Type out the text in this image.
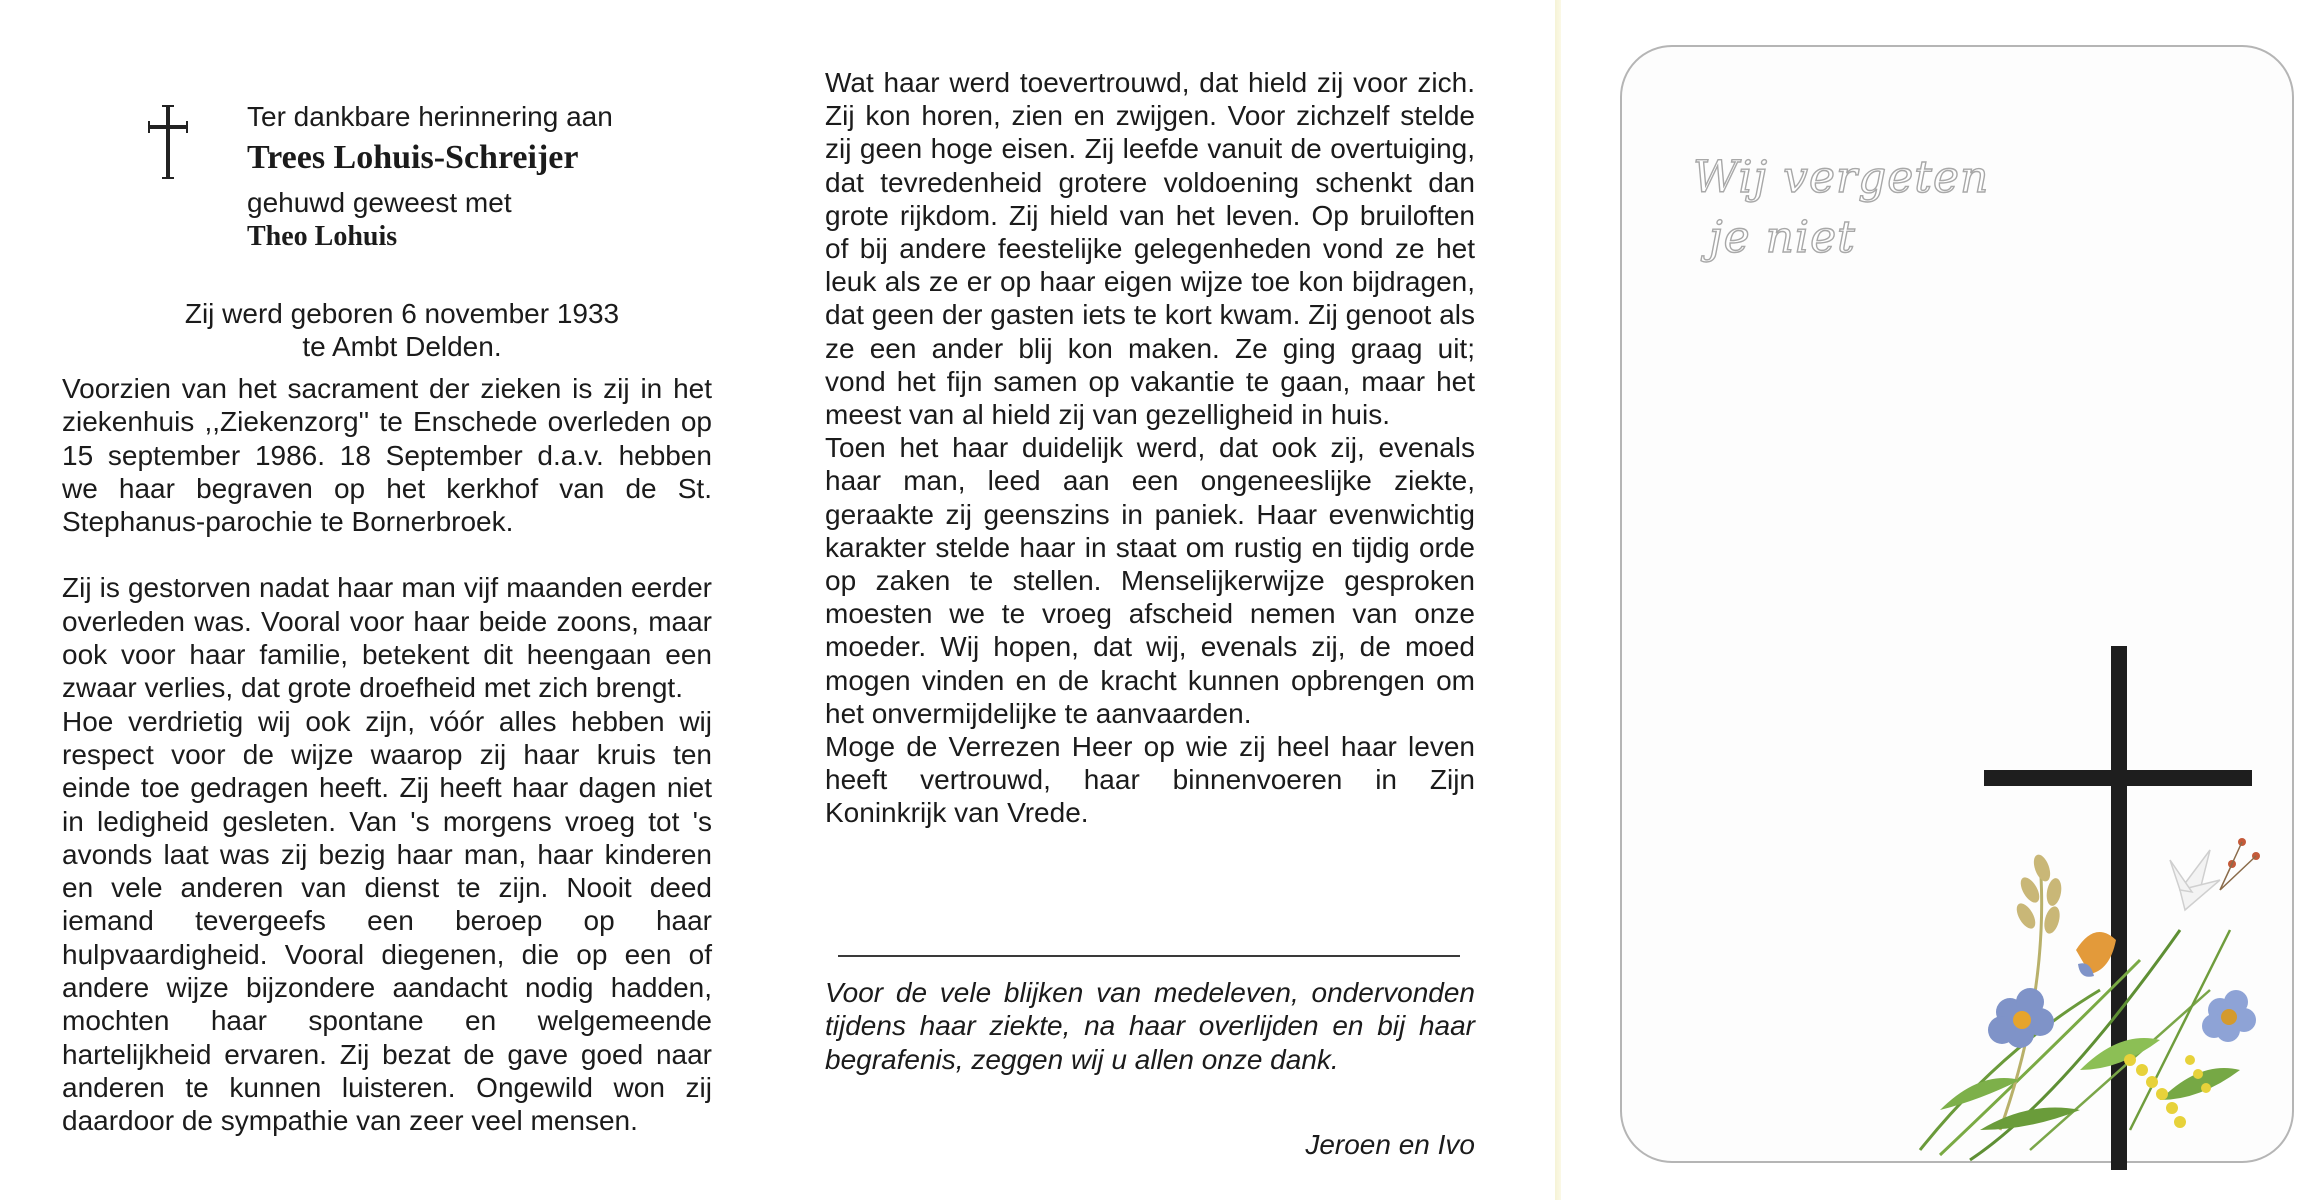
Ter dankbare herinnering aan
Trees Lohuis-Schreijer
gehuwd geweest met
Theo Lohuis
Zij werd geboren 6 november 1933
te Ambt Delden.

Voorzien van het sacrament der zieken is zij in het ziekenhuis ,,Ziekenzorg'' te Enschede overleden op 15 september 1986. 18 September d.a.v. hebben we haar begraven op het kerkhof van de St. Stephanus-parochie te Bornerbroek.

Zij is gestorven nadat haar man vijf maanden eerder overleden was. Vooral voor haar beide zoons, maar ook voor haar familie, betekent dit heengaan een zwaar verlies, dat grote droefheid met zich brengt.

Hoe verdrietig wij ook zijn, vóór alles hebben wij respect voor de wijze waarop zij haar kruis ten einde toe gedragen heeft. Zij heeft haar dagen niet in ledigheid gesleten. Van 's morgens vroeg tot 's avonds laat was zij bezig haar man, haar kinderen en vele anderen van dienst te zijn. Nooit deed iemand tevergeefs een beroep op haar hulpvaardigheid. Vooral diegenen, die op een of andere wijze bijzondere aandacht nodig hadden, mochten haar spontane en welgemeende hartelijkheid ervaren. Zij bezat de gave goed naar anderen te kunnen luisteren. Ongewild won zij daardoor de sympathie van zeer veel mensen.

Wat haar werd toevertrouwd, dat hield zij voor zich. Zij kon horen, zien en zwijgen. Voor zichzelf stelde zij geen hoge eisen. Zij leefde vanuit de overtuiging, dat tevredenheid grotere voldoening schenkt dan grote rijkdom. Zij hield van het leven. Op bruiloften of bij andere feestelijke gelegenheden vond ze het leuk als ze er op haar eigen wijze toe kon bijdragen, dat geen der gasten iets te kort kwam. Zij genoot als ze een ander blij kon maken. Ze ging graag uit; vond het fijn samen op vakantie te gaan, maar het meest van al hield zij van gezelligheid in huis.

Toen het haar duidelijk werd, dat ook zij, evenals haar man, leed aan een ongeneeslijke ziekte, geraakte zij geenszins in paniek. Haar evenwichtig karakter stelde haar in staat om rustig en tijdig orde op zaken te stellen. Menselijkerwijze gesproken moesten we te vroeg afscheid nemen van onze moeder. Wij hopen, dat wij, evenals zij, de moed mogen vinden en de kracht kunnen opbrengen om het onvermijdelijke te aanvaarden.

Moge de Verrezen Heer op wie zij heel haar leven heeft vertrouwd, haar binnenvoeren in Zijn Koninkrijk van Vrede.

Voor de vele blijken van medeleven, ondervonden tijdens haar ziekte, na haar overlijden en bij haar begrafenis, zeggen wij u allen onze dank.
Jeroen en Ivo
Wij vergeten
je niet
